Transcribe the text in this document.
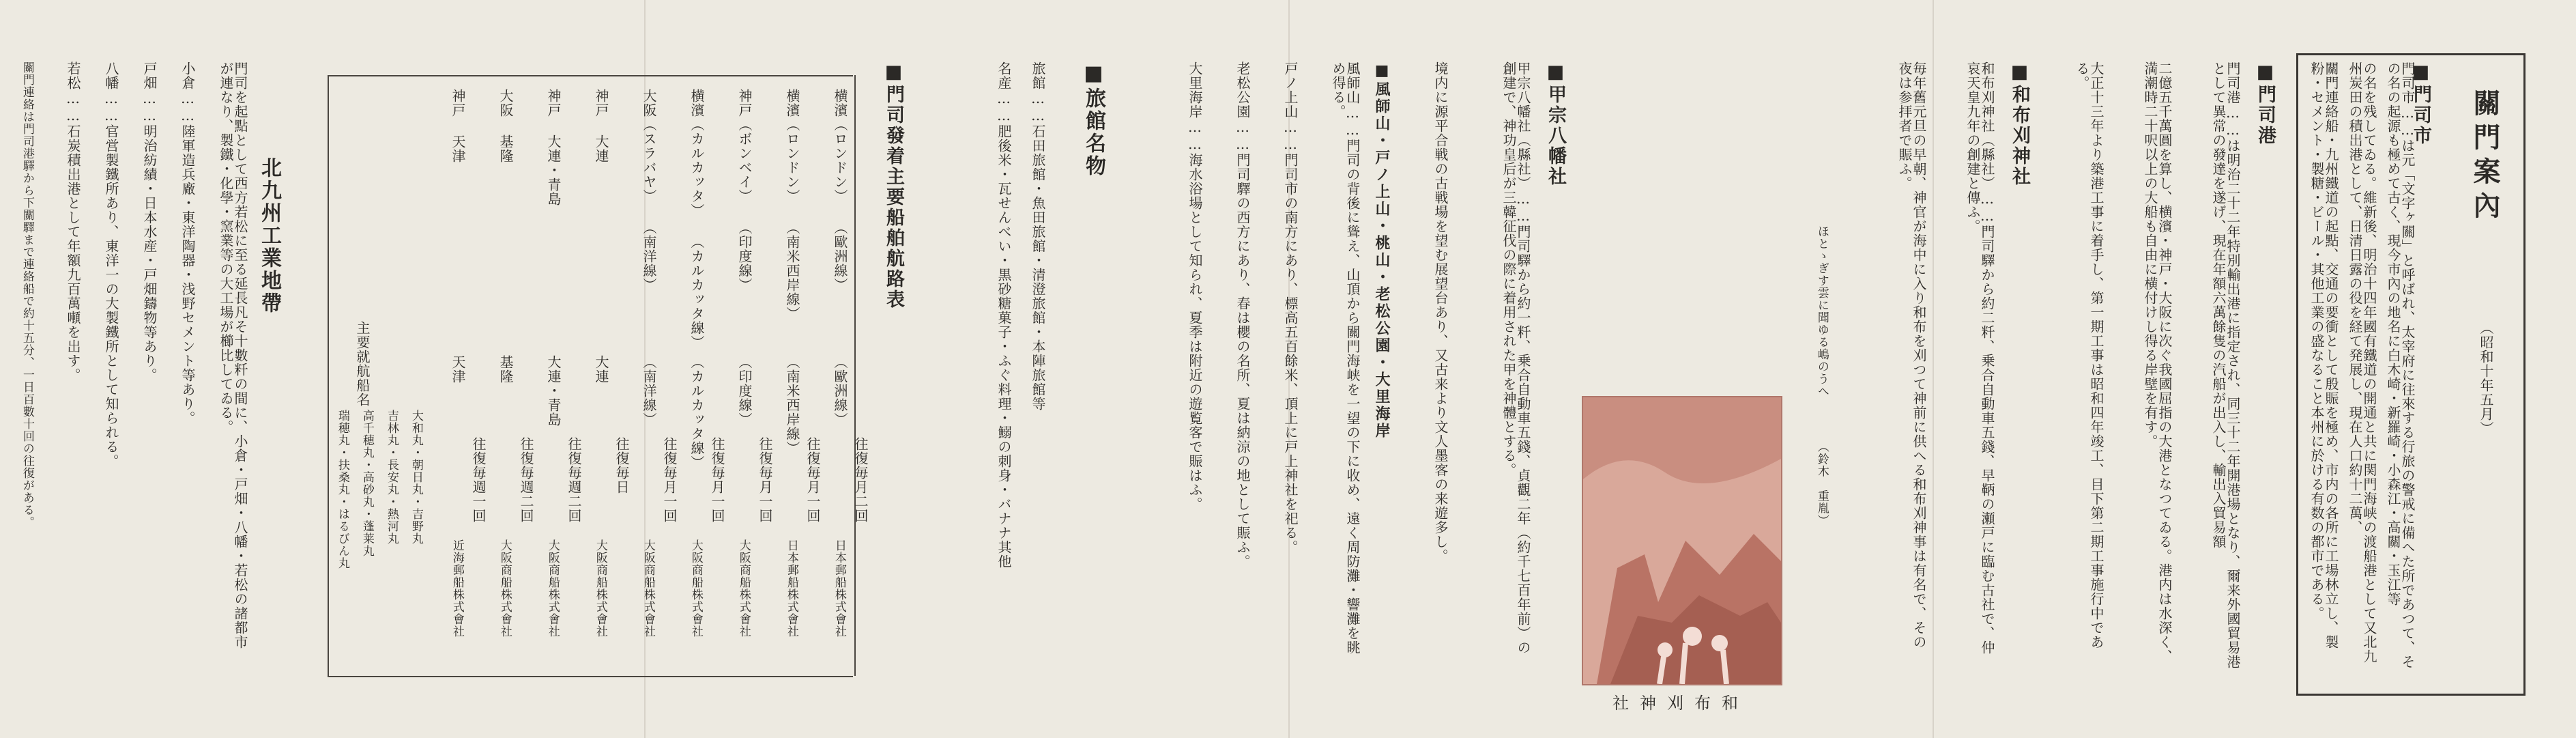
關門案內
（昭和十年五月）
■門司市
門司市……は元「文字ヶ關」と呼ばれ、太宰府に往來する行旅の警戒に備へた所であつて、その名の起源も極めて古く、現今市內の地名に白木崎・新羅崎・小森江・高關・玉江等
の名を残してゐる。維新後、明治十四年國有鐵道の開通と共に関門海峡の渡船港として又北九州炭田の積出港として、日清日露の役を経て発展し、現在人口約十二萬、
關門連絡船・九州鐵道の起點、交通の要衝として殷賑を極め、市内の各所に工場林立し、製粉・セメント・製糖・ビール・其他工業の盛なること本州に於ける有数の都市である。
■門司港
門司港……は明治二十二年特別輸出港に指定され、同三十二年開港場となり、爾来外國貿易港として異常の發達を遂げ、現在年額六萬餘隻の汽船が出入し、輸出入貿易額
二億五千萬圓を算し、横濱・神戸・大阪に次ぐ我國屈指の大港となつてゐる。港内は水深く、満潮時二十呎以上の大船も自由に横付けし得る岸壁を有す。
大正十三年より築港工事に着手し、第一期工事は昭和四年竣工、目下第二期工事施行中である。
■和布刈神社
和布刈神社（縣社）……門司驛から約二粁、乗合自動車五錢、早鞆の瀬戸に臨む古社で、仲哀天皇九年の創建と傳ふ。
毎年舊元旦の早朝、神官が海中に入り和布を刈つて神前に供へる和布刈神事は有名で、その夜は参拝者で賑ふ。
ほとゝぎす雲に聞ゆる嶋のうへ　　　　（鈴木　重胤）
社神刈布和
■甲宗八幡社
甲宗八幡社（縣社）……門司驛から約一粁、乗合自動車五錢、貞觀二年（約千七百年前）の創建で、神功皇后が三韓征伐の際に着用された甲を神體とする。
境内に源平合戦の古戦場を望む展望台あり、又古来より文人墨客の来遊多し。
■風師山・戸ノ上山・桃山・老松公園・大里海岸
風師山……門司の背後に聳え、山頂から關門海峡を一望の下に收め、遠く周防灘・響灘を眺め得る。
戸ノ上山……門司市の南方にあり、標高五百餘米、頂上に戸上神社を祀る。
老松公園……門司驛の西方にあり、春は櫻の名所、夏は納涼の地として賑ふ。
大里海岸……海水浴場として知られ、夏季は附近の遊覧客で賑はふ。
■旅館名物
旅館……石田旅館・魚田旅館・清澄旅館・本陣旅館等
名産……肥後米・瓦せんべい・黒砂糖菓子・ふぐ料理・鰯の刺身・バナナ其他
■門司發着主要船舶航路表
横濱（ロンドン） （歐洲線）
（歐洲線）
往復毎月二回
日本郵船株式會社
横濱（ロンドン） （南米西岸線）
（南米西岸線）
往復毎月一回
日本郵船株式會社
神戸（ボンベイ） （印度線）
（印度線）
往復毎月一回
大阪商船株式會社
横濱（カルカッタ） （カルカッタ線）
（カルカッタ線）
往復毎月一回
大阪商船株式會社
大阪（スラバヤ） （南洋線）
（南洋線）
往復毎月一回
大阪商船株式會社
神戸 大連
大連
往復毎日
大阪商船株式會社
神戸 大連・青島
大連・青島
往復毎週二回
大阪商船株式會社
大阪 基隆
基隆
往復毎週二回
大阪商船株式會社
神戸 天津
天津
往復毎週一回
近海郵船株式會社
主要就航船名
大和丸・朝日丸・吉野丸
吉林丸・長安丸・熱河丸
高千穂丸・高砂丸・蓬莱丸
瑞穂丸・扶桑丸・はるびん丸
北九州工業地帶
門司を起點として西方若松に至る延長凡そ十數粁の間に、小倉・戸畑・八幡・若松の諸都市が連なり、製鐵・化學・窯業等の大工場が櫛比してゐる。
小倉……陸軍造兵廠・東洋陶器・浅野セメント等あり。
戸畑……明治紡績・日本水産・戸畑鑄物等あり。
八幡……官営製鐵所あり、東洋一の大製鐵所として知られる。
若松……石炭積出港として年額九百萬噸を出す。
關門連絡は門司港驛から下關驛まで連絡船で約十五分、一日百數十回の往復がある。
